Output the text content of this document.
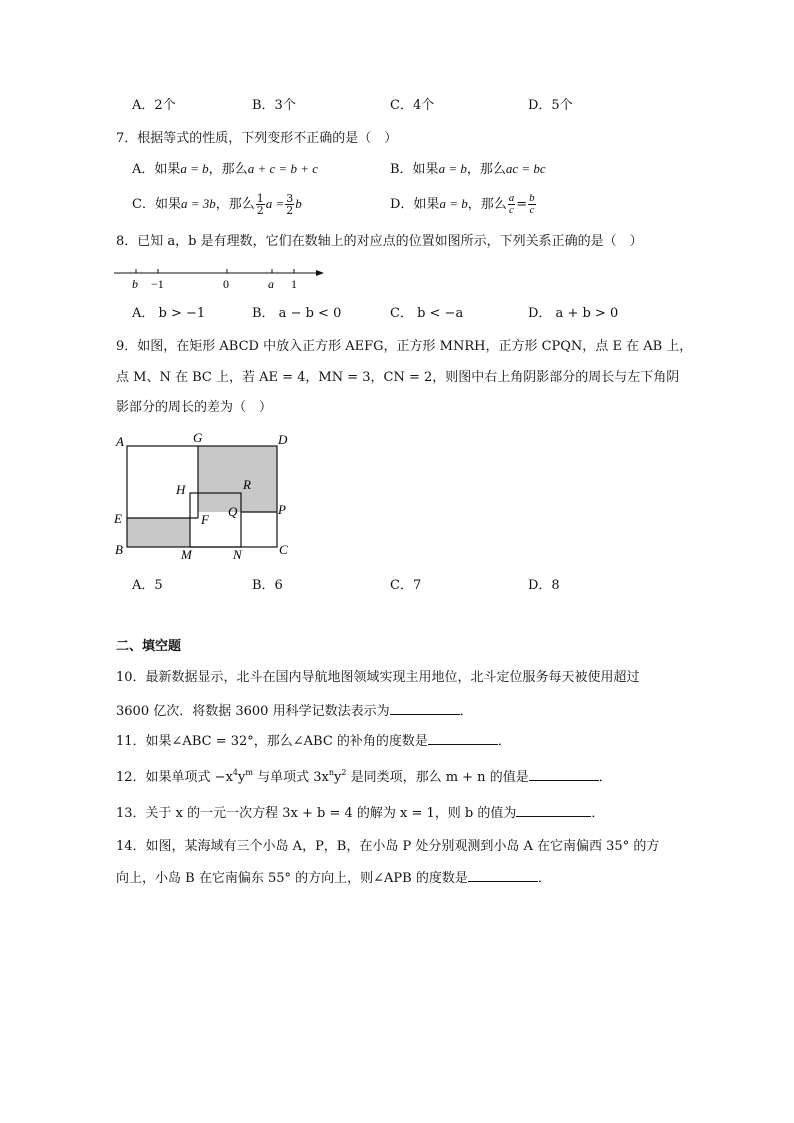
A．2个	B．3个	C．4个	D．5个
7．根据等式的性质，下列变形不正确的是（　）
A．如果a = b，那么a + c = b + c	B．如果a = b，那么ac = bc
C．如果a = 3b，那么 $\frac{1}{2}$ $a = \frac{3}{2}$ b	D．如果a = b，那么 $\frac{a}{c} = \frac{b}{c}$
8．已知 a，b 是有理数，它们在数轴上的对应点的位置如图所示，下列关系正确的是（　）
b −1	0	a 1
A． b > −1	B． a − b < 0	C． b < −a	D． a + b > 0
9．如图，在矩形 ABCD 中放入正方形 AEFG，正方形 MNRH，正方形 CPQN，点 E 在 AB 上，
点 M、N 在 BC 上，若 AE = 4，MN = 3，CN = 2，则图中右上角阴影部分的周长与左下角阴
影部分的周长的差为（　）
A	G	D
H	R
E	F
Q	P
B	M	N	C
A．5	B．6	C．7	D．8
二、填空题
10．最新数据显示，北斗在国内导航地图领域实现主用地位，北斗定位服务每天被使用超过
3600 亿次．将数据 3600 用科学记数法表示为	．
11．如果∠ABC = 32°，那么∠ABC 的补角的度数是	．
12．如果单项式 $-x^4y^m$ 与单项式 $3x^ny^2$ 是同类项，那么 m + n 的值是	．
13．关于 x 的一元一次方程 3x + b = 4 的解为 x = 1，则 b 的值为	．
14．如图，某海域有三个小岛 A，P，B，在小岛 P 处分别观测到小岛 A 在它南偏西 35° 的方
向上，小岛 B 在它南偏东 55° 的方向上，则∠APB 的度数是	．
